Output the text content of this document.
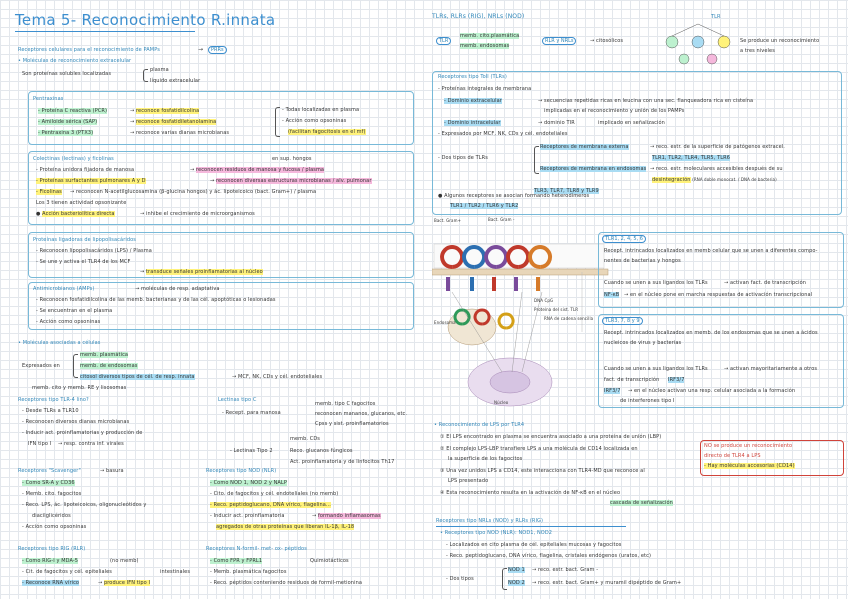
Tema 5- Reconocimiento R.innata
Receptores celulares para el reconocimiento de PAMPs	→	PRRs
• Moléculas de reconocimiento extracelular
Son proteínas solubles localizadas
plasma
líquido extracelular
Pentraxinas
- Proteína C reactiva (PCR)	→ reconoce fosfatidilcolina
- Amiloide sérica (SAP)	→ reconoce fosfatidiletanolamina
- Pentraxina 3 (PTX3)	→ reconoce varias dianas microbianas
- Todas localizadas en plasma
- Acción como opsoninas
(facilitan fagocitosis en el mf)
Colectinas (lectinas) y ficolinas	en sup. hongos
- Proteína unidora fijadora de manosa	→ reconocen residuos de manosa y fucosa / plasma
- Proteínas surfactantes pulmonares A y D	→ reconocen diversas estructuras microbianas / alv. pulmonar
- Ficolinas → reconocen N-acetilglucosamina (β-glucina hongos) y ác. lipoteicoico (bact. Gram+) / plasma
Los 3 tienen actividad opsonizante
● Acción bacteriolítica directa	→ inhibe el crecimiento de microorganismos
Proteínas ligadoras de lipopolisacáridos
- Reconocen lipopolisacáridos (LPS) / Plasma
- Se une y activa el TLR4 de los MCF
→ transduce señales proinflamatorias al núcleo
Antimicrobianos (AMPs)	→ moléculas de resp. adaptativa
- Reconocen fosfatidilcolina de las memb. bacterianas y de las cél. apoptóticas o lesionadas
- Se encuentran en el plasma
- Acción como opsoninas
• Moléculas asociadas a células
memb. plasmática
memb. de endosomas
citosol diversos tipos de cél. de resp. innata	→ MCF, NK, CDs y cél. endoteliales
Expresados en
memb. cito y memb. RE y lisosomas
Receptores tipo TLR-4 lino?
- Desde TLRs a TLR10
- Reconocen diversos dianas microbianas
- Inducir act. proinflamatorias y producción de
IFN tipo I → resp. contra inf. virales
Lectinas tipo C
- Recept. para manosa
memb. tipo C fagocitos
reconocen mananos, glucanos, etc.
Cpss y sist. proinflamatorios
memb. CDs
- Lectinas Tipo 2	Reco. glucanos fúngicos
Act. proinflamatoria y de linfocitos Th17
Receptores "Scavenger"	→ basura
- Como SR-A y CD36
- Memb. cito. fagocitos
- Reco. LPS, ác. lipoteicoicos, oligonucleótidos y
diacilglicéridos
- Acción como opsoninas
Receptores tipo NOD (NLR)
- Como NOD 1, NOD 2 y NALP
- Cito. de fagocitos y cél. endoteliales (no memb)
- Reco. peptidoglucano, DNA vírico, flagelina...
- Inducir act. proinflamatoria	→ formando inflamasomas
agregados de otras proteínas que liberan IL-1β, IL-18
Receptores tipo RIG (RLR)
- Como RIG-I y MDA-5	(no memb)
- Cit. de fagocitos y cél. epiteliales	intestinales
- Reconoce RNA vírico	→ produce IFN tipo I
Receptores N-formil- met- ox- péptidos
- Como FPR y FPRL1	Quimiotácticos
- Memb. plasmática fagocitos
- Reco. péptidos conteniendo residuos de formil-metionina
TLRs, RLRs (RIG), NRLs (NOD)
TLR
memb. cito.plasmática
memb. endosomas
RLR y NRLs	→ citosólicos
TLR
Se produce un reconocimiento
a tres niveles
Receptores tipo Toll (TLRs)
- Proteínas integrales de membrana
- Dominio extracelular	→ secuencias repetidas ricas en leucina con una sec. flanqueadora rica en cisteína
implicadas en el reconocimiento y unión de los PAMPs
- Dominio intracelular	→ dominio TIR	implicado en señalización
- Expresados por MCF, NK, CDs y cél. endoteliales
Receptores de membrana externa	→ reco. estr. de la superficie de patógenos extracel.
TLR1, TLR2, TLR4, TLR5, TLR6
- Dos tipos de TLRs
Receptores de membrana en endosomas → reco. estr. moleculares accesibles después de su
desintegración (RNA doble monocat. / DNA de bacteria)
TLR3, TLR7, TLR8 y TLR9
● Algunos receptores se asocian formando heterodímeros
TLR1 / TLR2 / TLR6 y TLR2
Bact. Gram -
Bact. Gram+
Proteína del sist. TLR
Endosoma
DNA CpG
RNA de cadena sencilla
Núcleo
TLR1, 2, 4, 5, 6
Recept. intrincados localizados en memb celular que se unen a diferentes compo-
nentes de bacterias y hongos
Cuando se unen a sus ligandos los TLRs	→ activan fact. de transcripción
NF-κB → en el núcleo pone en marcha respuestas de activación transcripcional
TLR3, 7, 8 y 9
Recept. intrincados localizados en memb. de los endosomas que se unen a ácidos
nucleicos de virus y bacterias
Cuando se unen a sus ligandos los TLRs	→ activan mayoritariamente a otros
fact. de transcripción IRF3/7
IRF3/7 → en el núcleo activan una resp. celular asociada a la formación
de interferones tipo I
• Reconocimiento de LPS por TLR4
① El LPS encontrado en plasma se encuentra asociado a una proteína de unión (LBP)
② El complejo LPS-LBP transfiere LPS a una molécula de CD14 localizada en
la superficie de los fagocitos
③ Una vez unidos LPS a CD14, este interacciona con TLR4-MD que reconoce al
LPS presentado
④ Esta reconocimiento resulta en la activación de NF-κB en el núcleo
cascada de señalización
NO se produce un reconocimiento
directo de TLR4 a LPS
- Hay moléculas accesorias (CD14)
Receptores tipo NRLs (NOD) y RLRs (RIG)
• Receptores tipo NOD (NLR): NOD1, NOD2
- Localizados en cito plasma de cél. epiteliales mucosas y fagocitos
- Reco. peptidoglucano, DNA vírico, flagelina, cristales endógenos (uratos, etc)
- Dos tipos
NOD 1 → reco. estr. bact. Gram -
NOD 2 → reco. estr. bact. Gram+ y muramil dipéptido de Gram+
